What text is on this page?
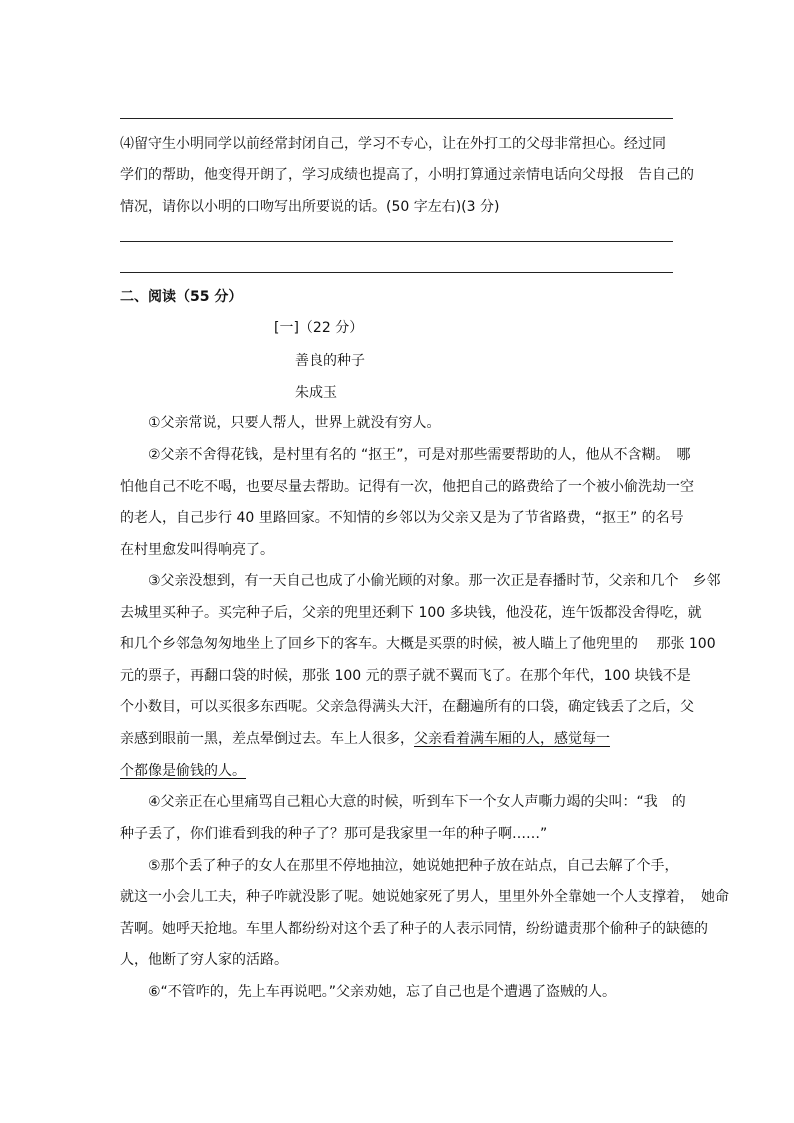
⑷留守生小明同学以前经常封闭自己，学习不专心，让在外打工的父母非常担心。经过同
学们的帮助，他变得开朗了，学习成绩也提高了，小明打算通过亲情电话向父母报　告自己的
情况，请你以小明的口吻写出所要说的话。(50 字左右)(3 分)
二、阅读（55 分）
[一]（22 分）
善良的种子
朱成玉
①父亲常说，只要人帮人，世界上就没有穷人。
②父亲不舍得花钱，是村里有名的 “抠王”，可是对那些需要帮助的人，他从不含糊。　哪
怕他自己不吃不喝，也要尽量去帮助。记得有一次，他把自己的路费给了一个被小偷洗劫一空
的老人，自己步行 40 里路回家。不知情的乡邻以为父亲又是为了节省路费，“抠王” 的名号
在村里愈发叫得响亮了。
③父亲没想到，有一天自己也成了小偷光顾的对象。那一次正是春播时节，父亲和几个　乡邻
去城里买种子。买完种子后，父亲的兜里还剩下 100 多块钱，他没花，连午饭都没舍得吃，就
和几个乡邻急匆匆地坐上了回乡下的客车。大概是买票的时候，被人瞄上了他兜里的　 那张 100
元的票子，再翻口袋的时候，那张 100 元的票子就不翼而飞了。在那个年代，100 块钱不是
个小数目，可以买很多东西呢。父亲急得满头大汗，在翻遍所有的口袋，确定钱丢了之后，父
亲感到眼前一黑，差点晕倒过去。车上人很多，父亲看着满车厢的人，感觉每一
个都像是偷钱的人。
④父亲正在心里痛骂自己粗心大意的时候，听到车下一个女人声嘶力竭的尖叫：“我　的
种子丢了，你们谁看到我的种子了？那可是我家里一年的种子啊……”
⑤那个丢了种子的女人在那里不停地抽泣，她说她把种子放在站点，自己去解了个手，
就这一小会儿工夫，种子咋就没影了呢。她说她家死了男人，里里外外全靠她一个人支撑着，　她命
苦啊。她呼天抢地。车里人都纷纷对这个丢了种子的人表示同情，纷纷谴责那个偷种子的缺德的
人，他断了穷人家的活路。
⑥“不管咋的，先上车再说吧。”父亲劝她，忘了自己也是个遭遇了盗贼的人。
